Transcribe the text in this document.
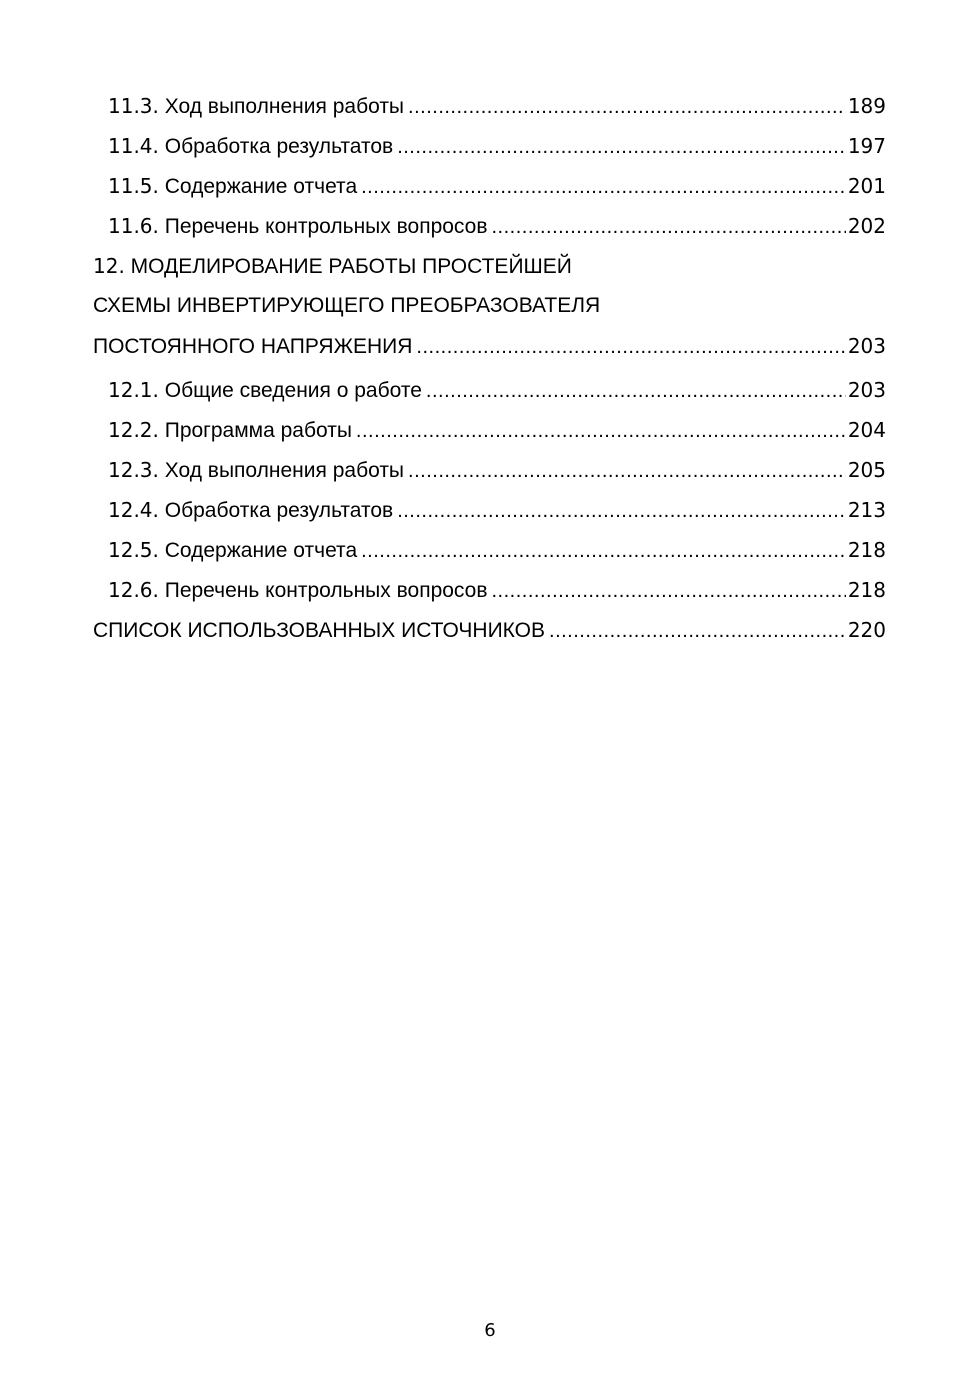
11.3. Ход выполнения работы .....	189
11.4. Обработка результатов .....	197
11.5. Содержание отчета .....	201
11.6. Перечень контрольных вопросов .....	202
12. МОДЕЛИРОВАНИЕ РАБОТЫ ПРОСТЕЙШЕЙ
СХЕМЫ ИНВЕРТИРУЮЩЕГО ПРЕОБРАЗОВАТЕЛЯ
ПОСТОЯННОГО НАПРЯЖЕНИЯ .....	203
12.1. Общие сведения о работе .....	203
12.2. Программа работы .....	204
12.3. Ход выполнения работы .....	205
12.4. Обработка результатов .....	213
12.5. Содержание отчета .....	218
12.6. Перечень контрольных вопросов .....	218
СПИСОК ИСПОЛЬЗОВАННЫХ ИСТОЧНИКОВ .....	220
6
